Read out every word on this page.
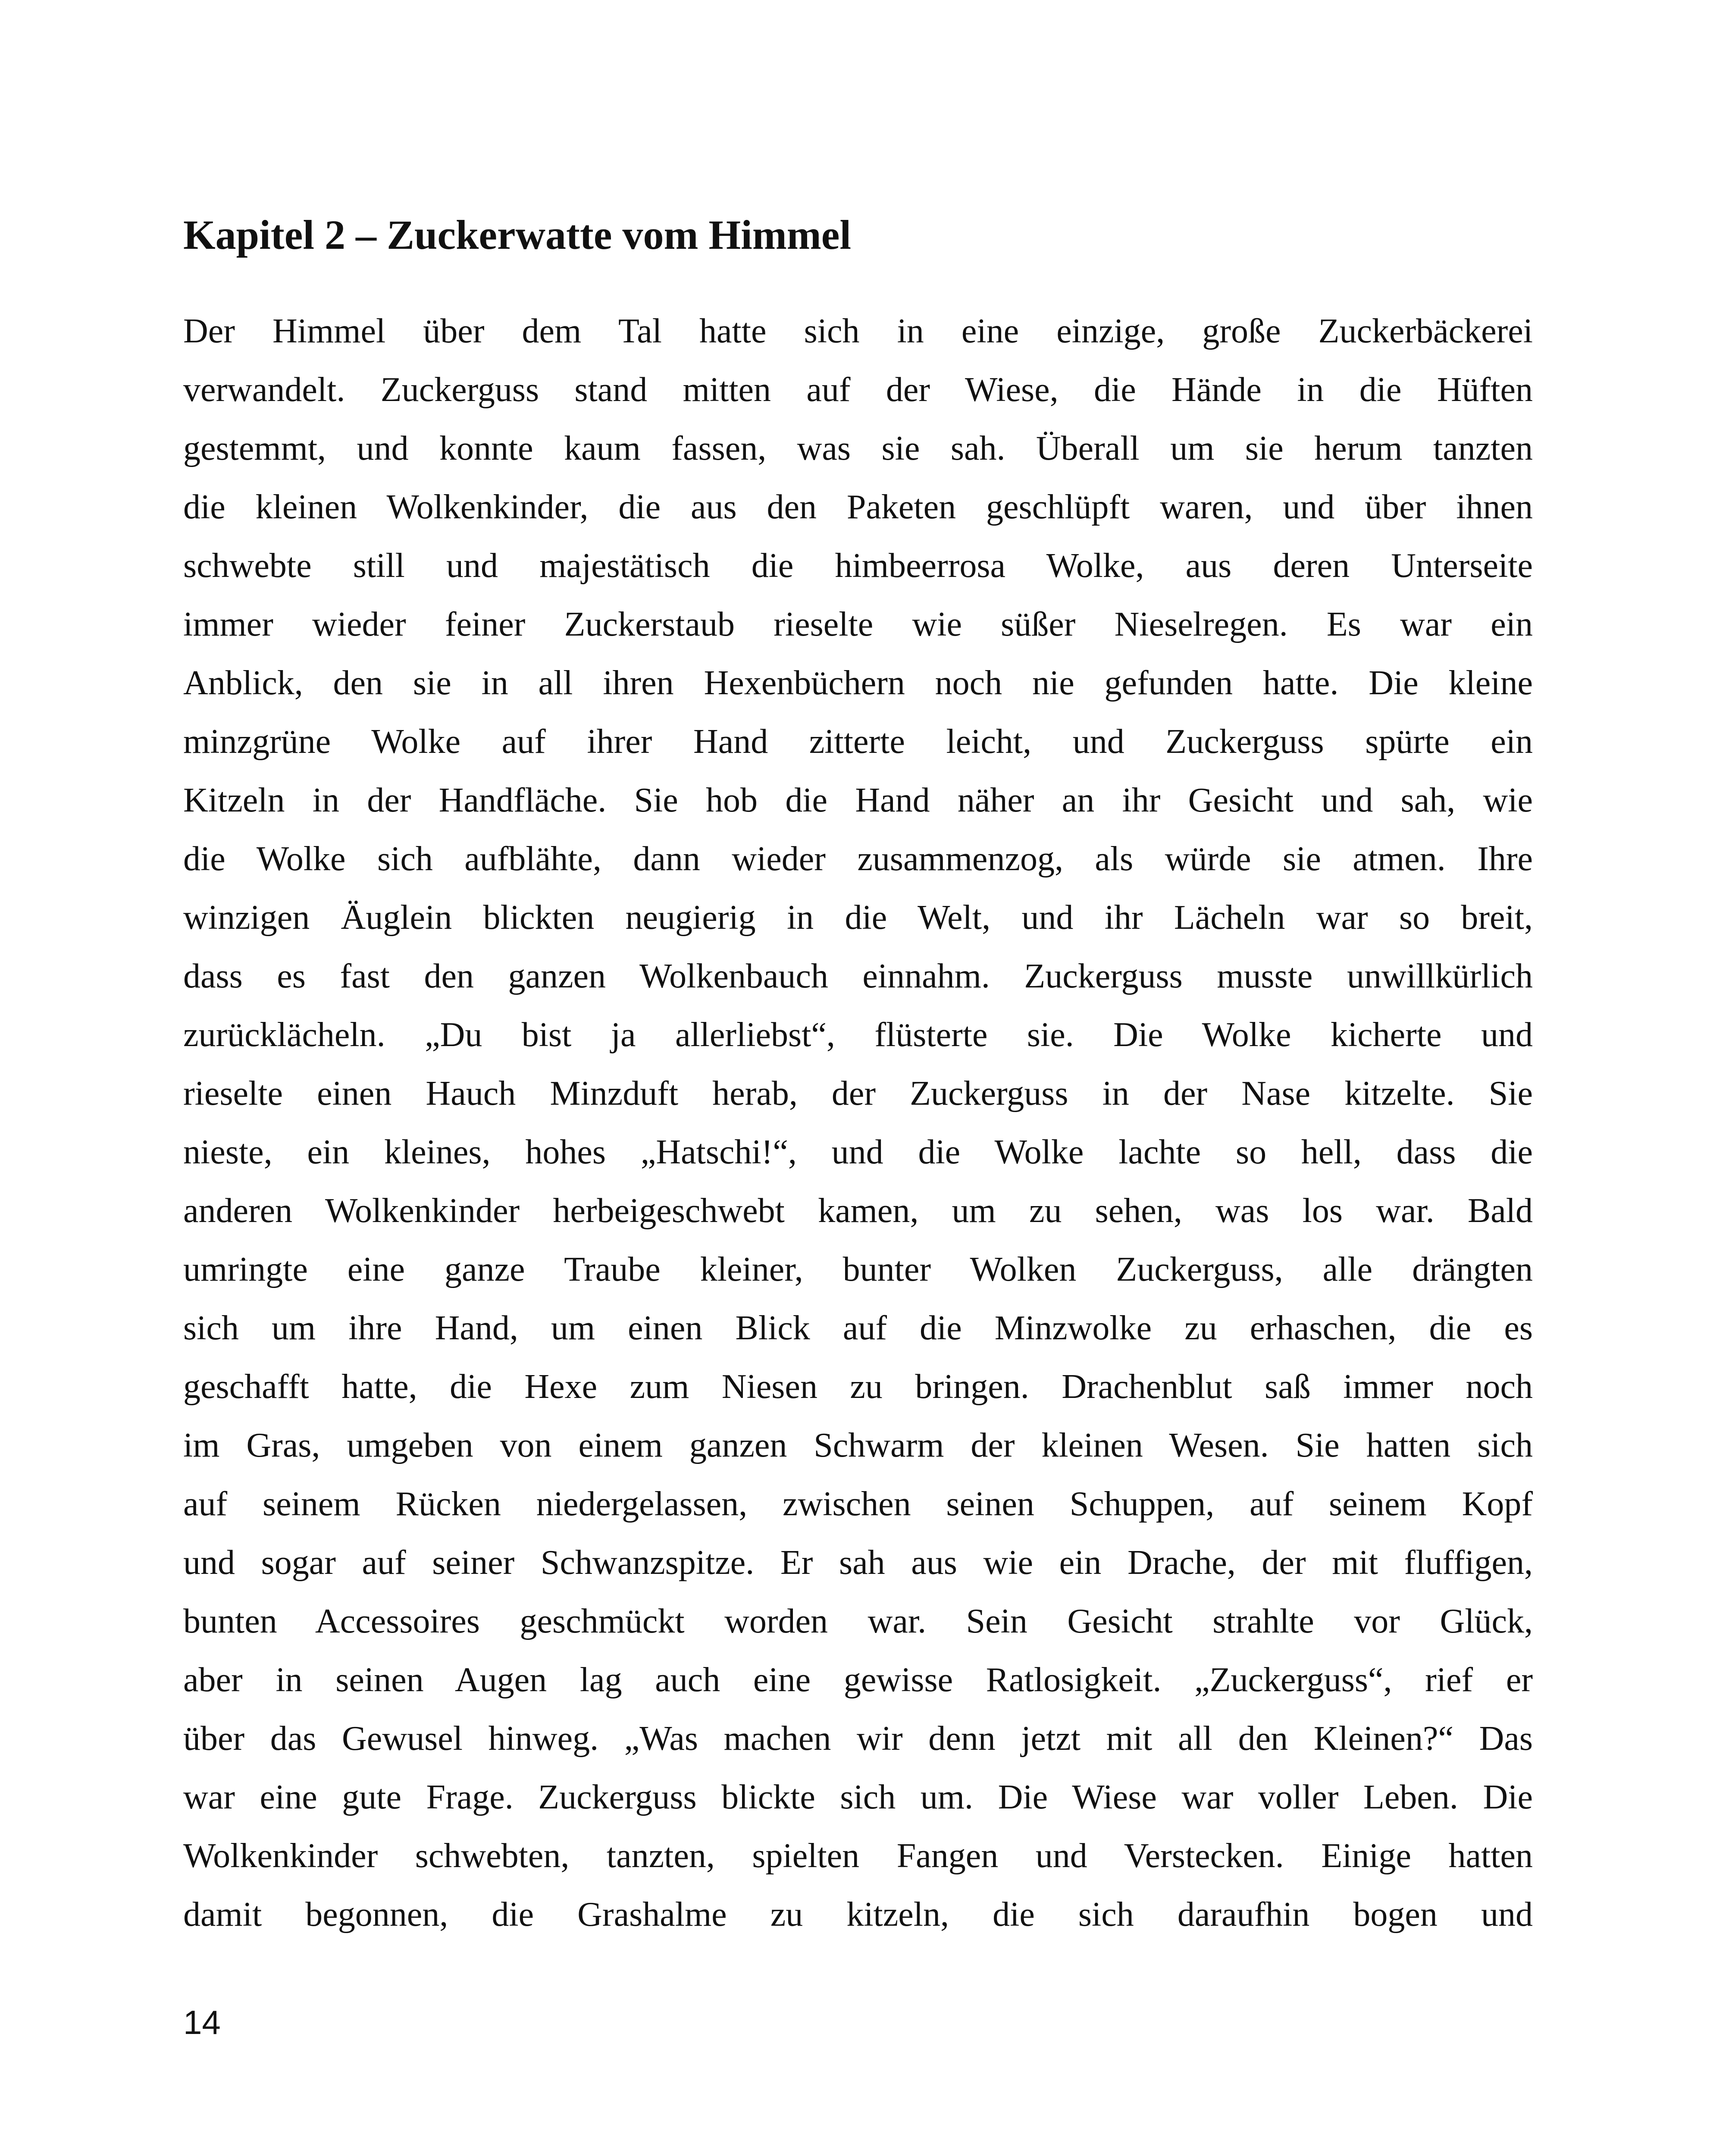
Kapitel 2 – Zuckerwatte vom Himmel
Der Himmel über dem Tal hatte sich in eine einzige, große Zuckerbäckerei
verwandelt. Zuckerguss stand mitten auf der Wiese, die Hände in die Hüften
gestemmt, und konnte kaum fassen, was sie sah. Überall um sie herum tanzten
die kleinen Wolkenkinder, die aus den Paketen geschlüpft waren, und über ihnen
schwebte still und majestätisch die himbeerrosa Wolke, aus deren Unterseite
immer wieder feiner Zuckerstaub rieselte wie süßer Nieselregen. Es war ein
Anblick, den sie in all ihren Hexenbüchern noch nie gefunden hatte. Die kleine
minzgrüne Wolke auf ihrer Hand zitterte leicht, und Zuckerguss spürte ein
Kitzeln in der Handfläche. Sie hob die Hand näher an ihr Gesicht und sah, wie
die Wolke sich aufblähte, dann wieder zusammenzog, als würde sie atmen. Ihre
winzigen Äuglein blickten neugierig in die Welt, und ihr Lächeln war so breit,
dass es fast den ganzen Wolkenbauch einnahm. Zuckerguss musste unwillkürlich
zurücklächeln. „Du bist ja allerliebst“, flüsterte sie. Die Wolke kicherte und
rieselte einen Hauch Minzduft herab, der Zuckerguss in der Nase kitzelte. Sie
nieste, ein kleines, hohes „Hatschi!“, und die Wolke lachte so hell, dass die
anderen Wolkenkinder herbeigeschwebt kamen, um zu sehen, was los war. Bald
umringte eine ganze Traube kleiner, bunter Wolken Zuckerguss, alle drängten
sich um ihre Hand, um einen Blick auf die Minzwolke zu erhaschen, die es
geschafft hatte, die Hexe zum Niesen zu bringen. Drachenblut saß immer noch
im Gras, umgeben von einem ganzen Schwarm der kleinen Wesen. Sie hatten sich
auf seinem Rücken niedergelassen, zwischen seinen Schuppen, auf seinem Kopf
und sogar auf seiner Schwanzspitze. Er sah aus wie ein Drache, der mit fluffigen,
bunten Accessoires geschmückt worden war. Sein Gesicht strahlte vor Glück,
aber in seinen Augen lag auch eine gewisse Ratlosigkeit. „Zuckerguss“, rief er
über das Gewusel hinweg. „Was machen wir denn jetzt mit all den Kleinen?“ Das
war eine gute Frage. Zuckerguss blickte sich um. Die Wiese war voller Leben. Die
Wolkenkinder schwebten, tanzten, spielten Fangen und Verstecken. Einige hatten
damit begonnen, die Grashalme zu kitzeln, die sich daraufhin bogen und
14
